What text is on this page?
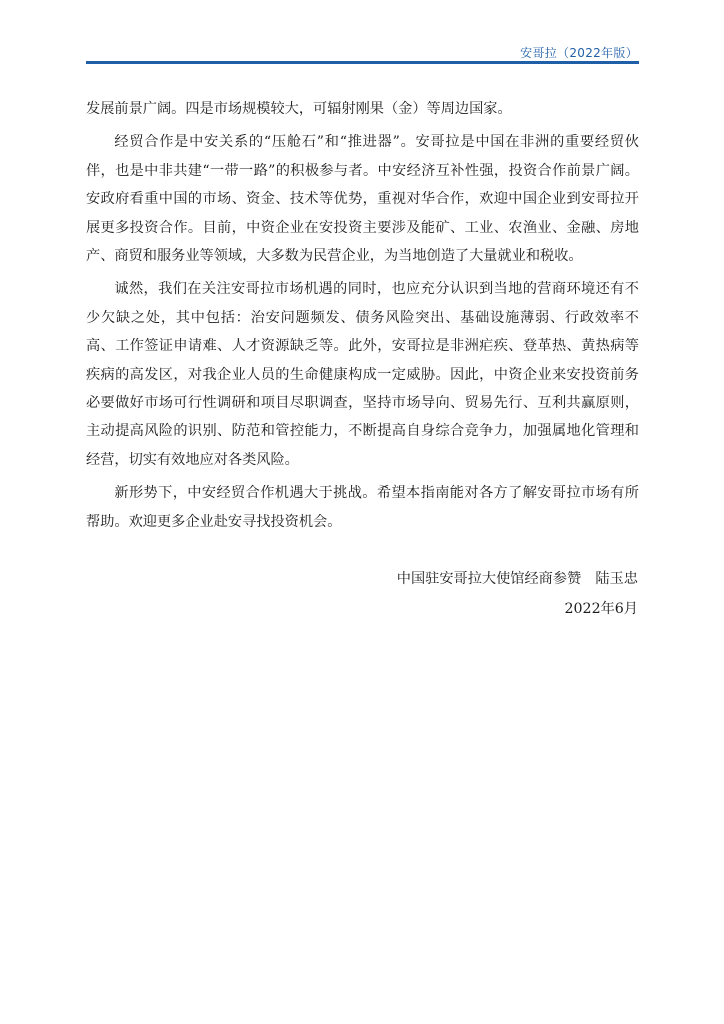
安哥拉（2022年版）

发展前景广阔。四是市场规模较大，可辐射刚果（金）等周边国家。

经贸合作是中安关系的“压舱石”和“推进器”。安哥拉是中国在非洲的重要经贸伙伴，也是中非共建“一带一路”的积极参与者。中安经济互补性强，投资合作前景广阔。安政府看重中国的市场、资金、技术等优势，重视对华合作，欢迎中国企业到安哥拉开展更多投资合作。目前，中资企业在安投资主要涉及能矿、工业、农渔业、金融、房地产、商贸和服务业等领域，大多数为民营企业，为当地创造了大量就业和税收。

诚然，我们在关注安哥拉市场机遇的同时，也应充分认识到当地的营商环境还有不少欠缺之处，其中包括：治安问题频发、债务风险突出、基础设施薄弱、行政效率不高、工作签证申请难、人才资源缺乏等。此外，安哥拉是非洲疟疾、登革热、黄热病等疾病的高发区，对我企业人员的生命健康构成一定威胁。因此，中资企业来安投资前务必要做好市场可行性调研和项目尽职调查，坚持市场导向、贸易先行、互利共赢原则，主动提高风险的识别、防范和管控能力，不断提高自身综合竞争力，加强属地化管理和经营，切实有效地应对各类风险。

新形势下，中安经贸合作机遇大于挑战。希望本指南能对各方了解安哥拉市场有所帮助。欢迎更多企业赴安寻找投资机会。

中国驻安哥拉大使馆经商参赞　陆玉忠
2022年6月
